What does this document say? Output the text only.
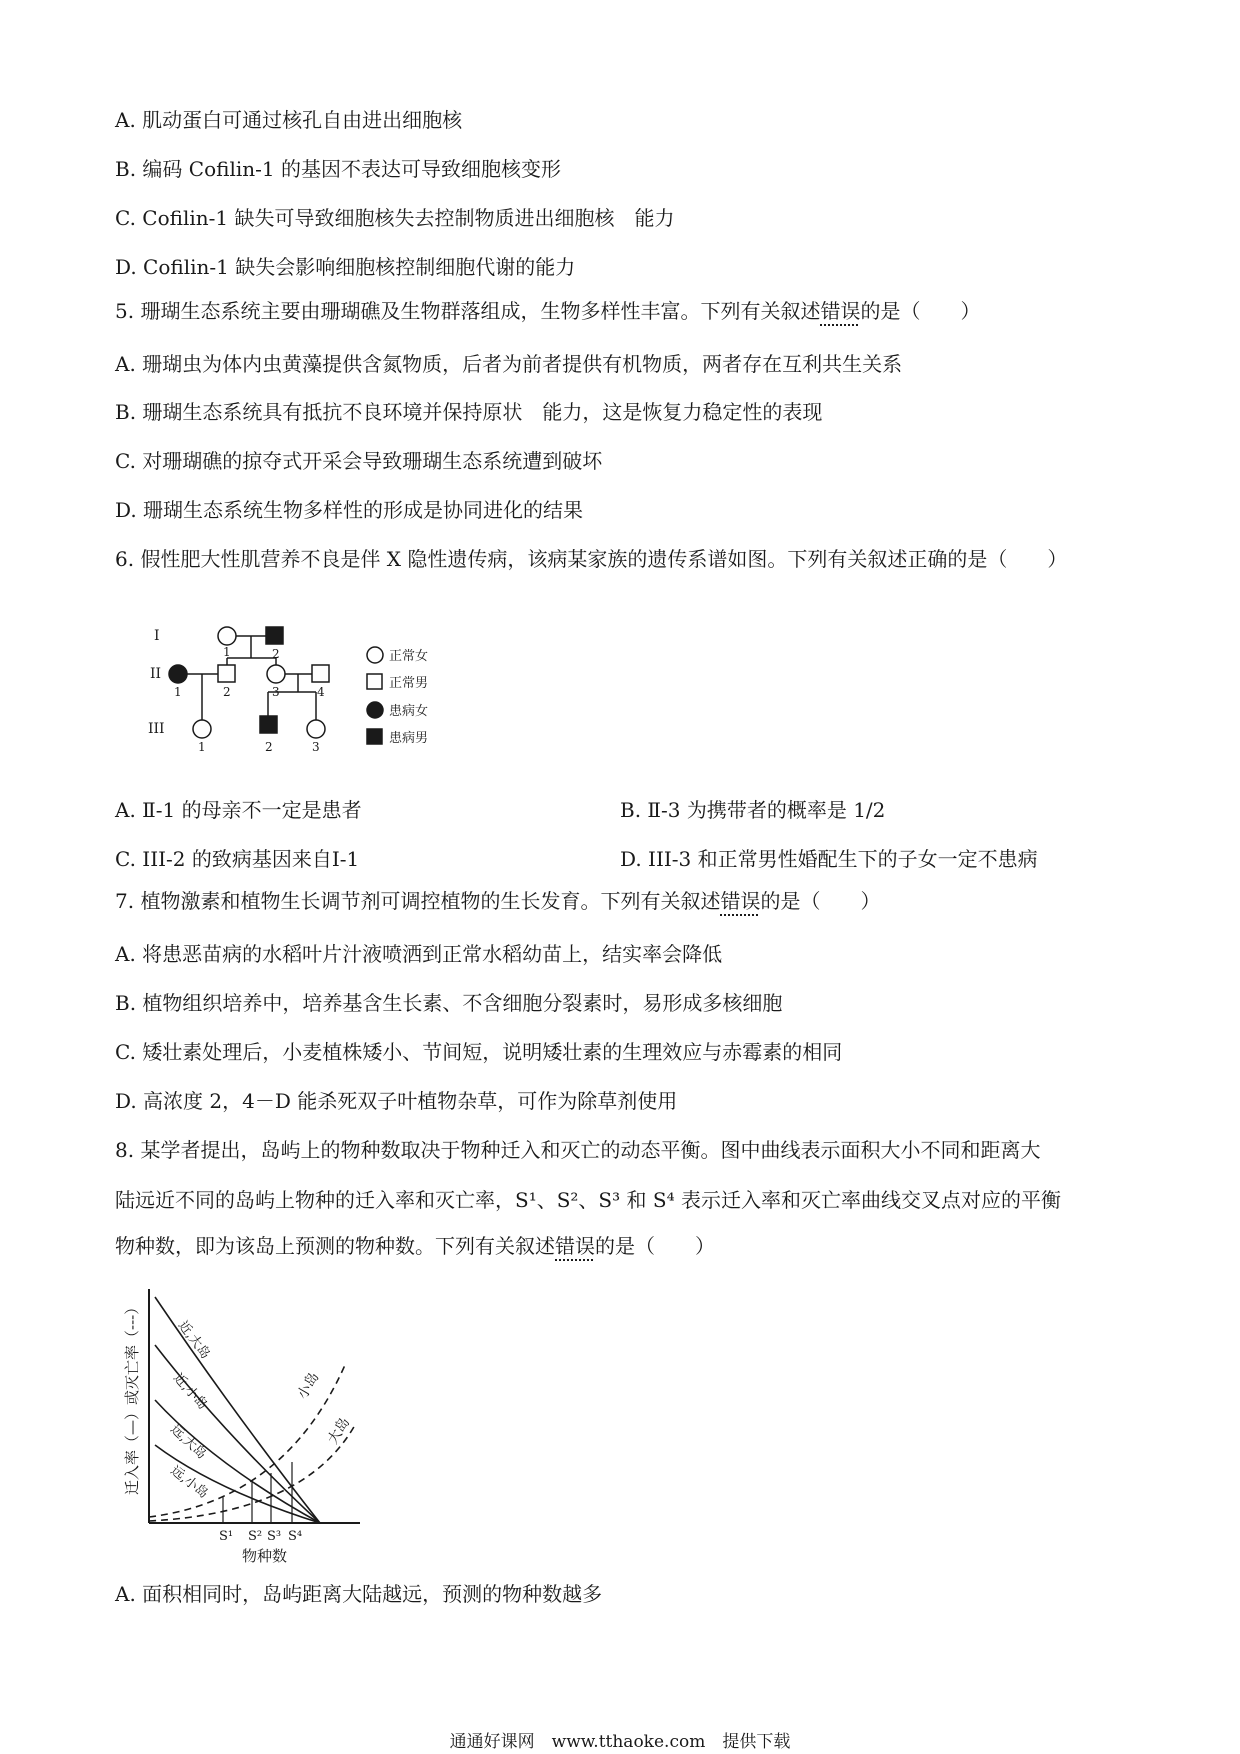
A. 肌动蛋白可通过核孔自由进出细胞核
B. 编码 Cofilin-1 的基因不表达可导致细胞核变形
C. Cofilin-1 缺失可导致细胞核失去控制物质进出细胞核　能力
D. Cofilin-1 缺失会影响细胞核控制细胞代谢的能力
5. 珊瑚生态系统主要由珊瑚礁及生物群落组成，生物多样性丰富。下列有关叙述错误的是（　　）
A. 珊瑚虫为体内虫黄藻提供含氮物质，后者为前者提供有机物质，两者存在互利共生关系
B. 珊瑚生态系统具有抵抗不良环境并保持原状　能力，这是恢复力稳定性的表现
C. 对珊瑚礁的掠夺式开采会导致珊瑚生态系统遭到破坏
D. 珊瑚生态系统生物多样性的形成是协同进化的结果
6. 假性肥大性肌营养不良是伴 X 隐性遗传病，该病某家族的遗传系谱如图。下列有关叙述正确的是（　　）
I
II
III
1	2
1	2	3	4
1	2	3
正常女
正常男
患病女
患病男
A. Ⅱ-1 的母亲不一定是患者	B. Ⅱ-3 为携带者的概率是 1/2
C. III-2 的致病基因来自Ⅰ-1	D. III-3 和正常男性婚配生下的子女一定不患病
7. 植物激素和植物生长调节剂可调控植物的生长发育。下列有关叙述错误的是（　　）
A. 将患恶苗病的水稻叶片汁液喷洒到正常水稻幼苗上，结实率会降低
B. 植物组织培养中，培养基含生长素、不含细胞分裂素时，易形成多核细胞
C. 矮壮素处理后，小麦植株矮小、节间短，说明矮壮素的生理效应与赤霉素的相同
D. 高浓度 2，4－D 能杀死双子叶植物杂草，可作为除草剂使用
8. 某学者提出，岛屿上的物种数取决于物种迁入和灭亡的动态平衡。图中曲线表示面积大小不同和距离大
陆远近不同的岛屿上物种的迁入率和灭亡率，S¹、S²、S³ 和 S⁴ 表示迁入率和灭亡率曲线交叉点对应的平衡
物种数，即为该岛上预测的物种数。下列有关叙述错误的是（　　）
小岛
大岛
近,大岛
近,小岛
远,大岛
远,小岛
S¹ S² S³ S⁴
物种数
迁入率（—）或灭亡率（---）
A. 面积相同时，岛屿距离大陆越远，预测的物种数越多
通通好课网　www.tthaoke.com　提供下载
